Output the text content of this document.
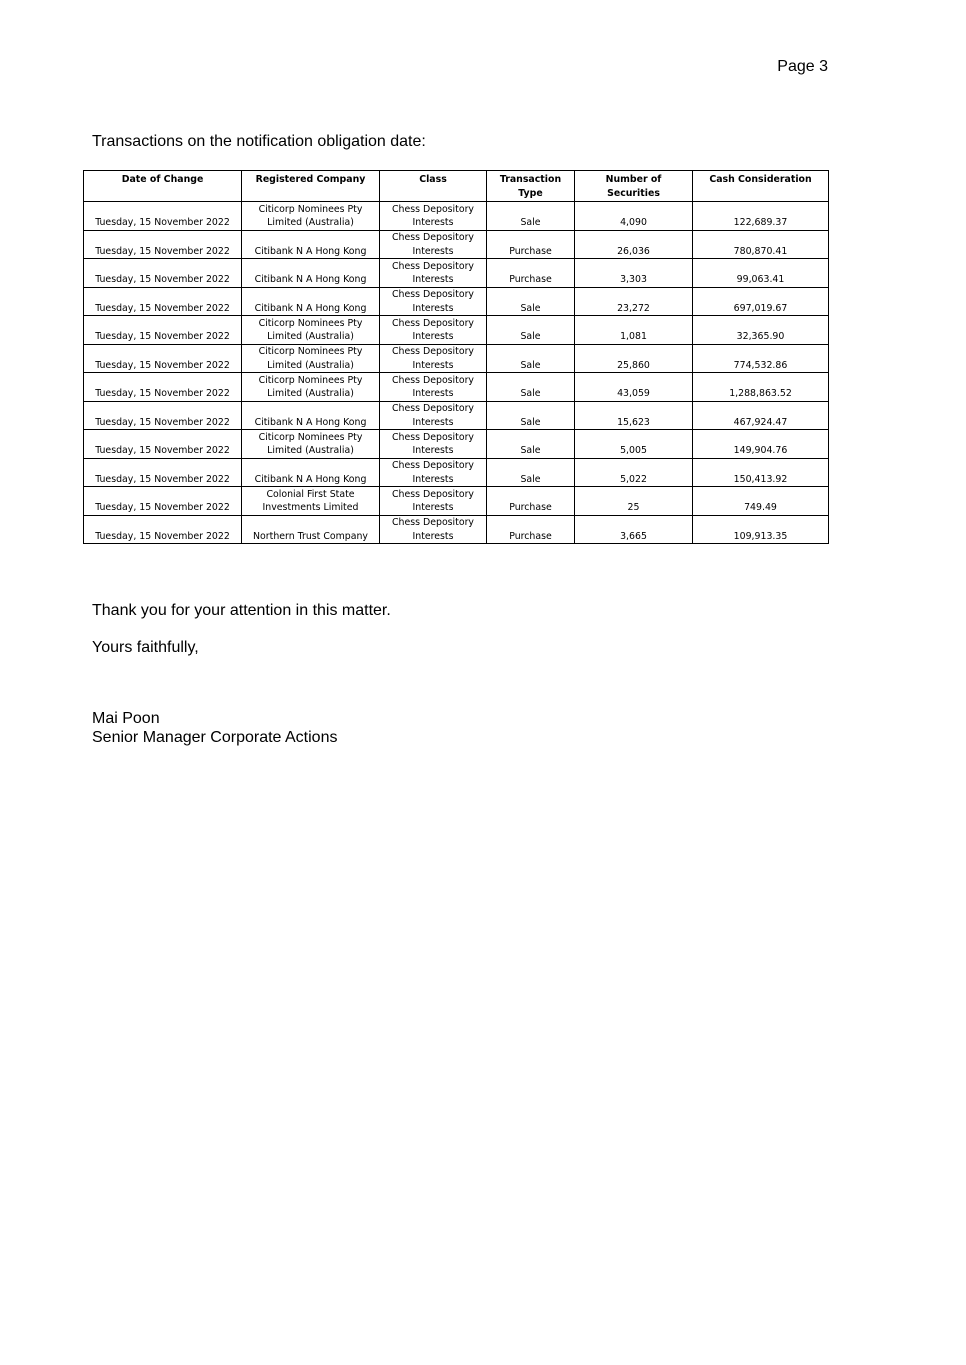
Page 3
Transactions on the notification obligation date:
Date of Change	Registered Company	Class	Transaction Type	Number of Securities	Cash Consideration
Tuesday, 15 November 2022	Citicorp Nominees Pty Limited (Australia)	Chess Depository Interests	Sale	4,090	122,689.37
Tuesday, 15 November 2022	Citibank N A Hong Kong	Chess Depository Interests	Purchase	26,036	780,870.41
Tuesday, 15 November 2022	Citibank N A Hong Kong	Chess Depository Interests	Purchase	3,303	99,063.41
Tuesday, 15 November 2022	Citibank N A Hong Kong	Chess Depository Interests	Sale	23,272	697,019.67
Tuesday, 15 November 2022	Citicorp Nominees Pty Limited (Australia)	Chess Depository Interests	Sale	1,081	32,365.90
Tuesday, 15 November 2022	Citicorp Nominees Pty Limited (Australia)	Chess Depository Interests	Sale	25,860	774,532.86
Tuesday, 15 November 2022	Citicorp Nominees Pty Limited (Australia)	Chess Depository Interests	Sale	43,059	1,288,863.52
Tuesday, 15 November 2022	Citibank N A Hong Kong	Chess Depository Interests	Sale	15,623	467,924.47
Tuesday, 15 November 2022	Citicorp Nominees Pty Limited (Australia)	Chess Depository Interests	Sale	5,005	149,904.76
Tuesday, 15 November 2022	Citibank N A Hong Kong	Chess Depository Interests	Sale	5,022	150,413.92
Tuesday, 15 November 2022	Colonial First State Investments Limited	Chess Depository Interests	Purchase	25	749.49
Tuesday, 15 November 2022	Northern Trust Company	Chess Depository Interests	Purchase	3,665	109,913.35
Thank you for your attention in this matter.
Yours faithfully,
Mai Poon
Senior Manager Corporate Actions
